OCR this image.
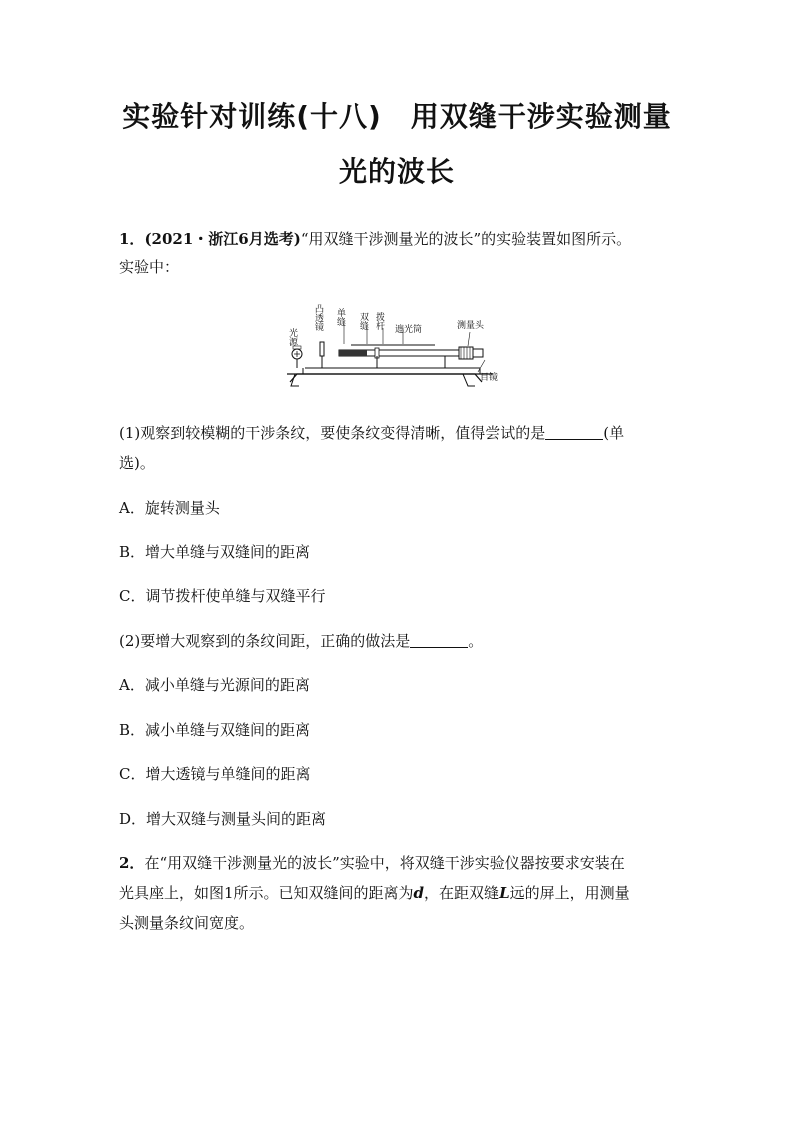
实验针对训练(十八)　用双缝干涉实验测量
光的波长
1．(2021・浙江6月选考)“用双缝干涉测量光的波长”的实验装置如图所示。
实验中：
光源
凸透镜 单缝 双缝 拨杆 遮光筒	测量头
目镜
(1)观察到较模糊的干涉条纹，要使条纹变得清晰，值得尝试的是	(单
选)。
A．旋转测量头
B．增大单缝与双缝间的距离
C．调节拨杆使单缝与双缝平行
(2)要增大观察到的条纹间距，正确的做法是	。
A．减小单缝与光源间的距离
B．减小单缝与双缝间的距离
C．增大透镜与单缝间的距离
D．增大双缝与测量头间的距离
2．在“用双缝干涉测量光的波长”实验中，将双缝干涉实验仪器按要求安装在
光具座上，如图1所示。已知双缝间的距离为d，在距双缝L远的屏上，用测量
头测量条纹间宽度。
